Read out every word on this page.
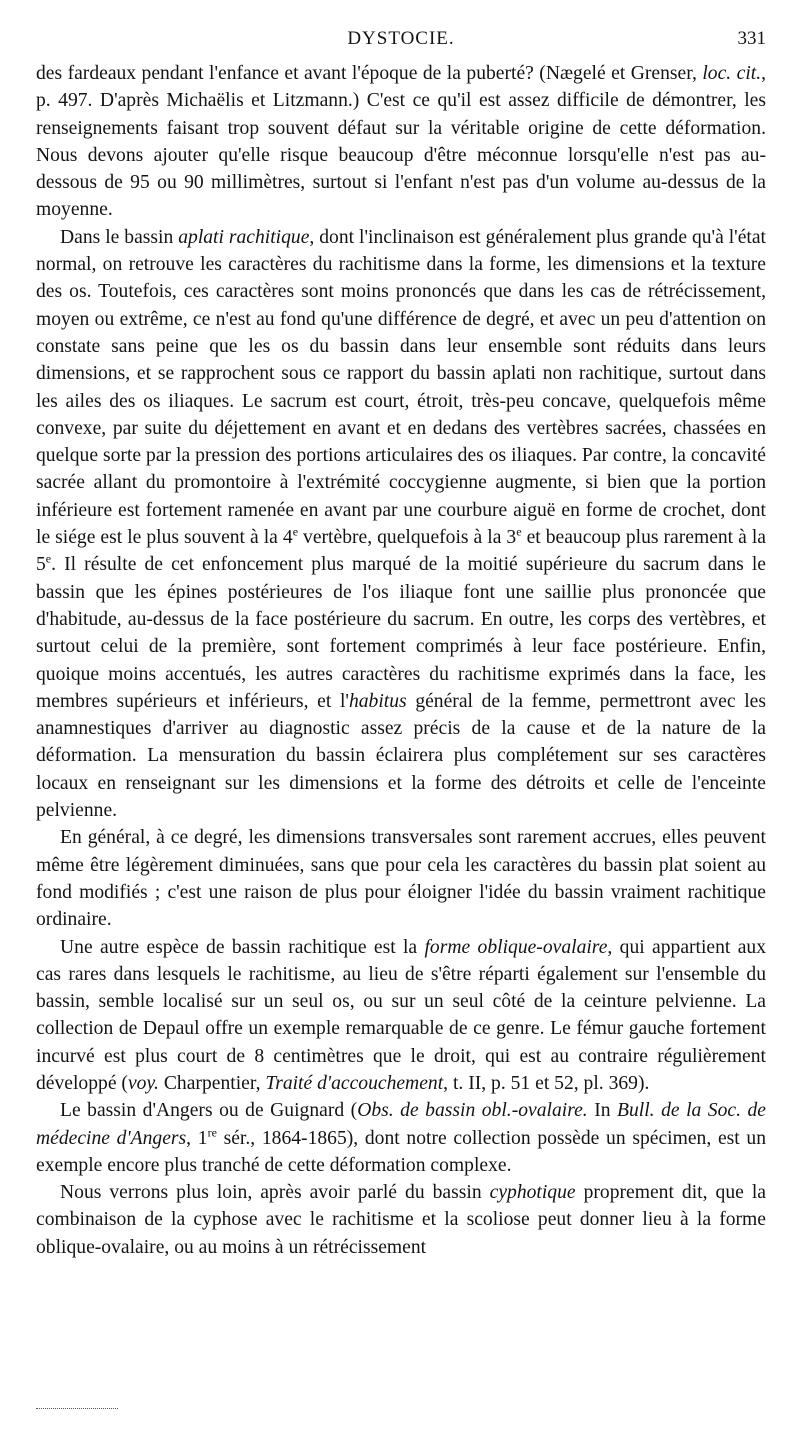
DYSTOCIE.	331

des fardeaux pendant l'enfance et avant l'époque de la puberté? (Nægelé et Grenser, loc. cit., p. 497. D'après Michaëlis et Litzmann.) C'est ce qu'il est assez difficile de démontrer, les renseignements faisant trop souvent défaut sur la véritable origine de cette déformation. Nous devons ajouter qu'elle risque beaucoup d'être méconnue lorsqu'elle n'est pas au-dessous de 95 ou 90 millimètres, surtout si l'enfant n'est pas d'un volume au-dessus de la moyenne.

Dans le bassin aplati rachitique, dont l'inclinaison est généralement plus grande qu'à l'état normal, on retrouve les caractères du rachitisme dans la forme, les dimensions et la texture des os. Toutefois, ces caractères sont moins prononcés que dans les cas de rétrécissement, moyen ou extrême, ce n'est au fond qu'une différence de degré, et avec un peu d'attention on constate sans peine que les os du bassin dans leur ensemble sont réduits dans leurs dimensions, et se rapprochent sous ce rapport du bassin aplati non rachitique, surtout dans les ailes des os iliaques. Le sacrum est court, étroit, très-peu concave, quelquefois même convexe, par suite du déjettement en avant et en dedans des vertèbres sacrées, chassées en quelque sorte par la pression des portions articulaires des os iliaques. Par contre, la concavité sacrée allant du promontoire à l'extrémité coccygienne augmente, si bien que la portion inférieure est fortement ramenée en avant par une courbure aiguë en forme de crochet, dont le siége est le plus souvent à la 4e vertèbre, quelquefois à la 3e et beaucoup plus rarement à la 5e. Il résulte de cet enfoncement plus marqué de la moitié supérieure du sacrum dans le bassin que les épines postérieures de l'os iliaque font une saillie plus prononcée que d'habitude, au-dessus de la face postérieure du sacrum. En outre, les corps des vertèbres, et surtout celui de la première, sont fortement comprimés à leur face postérieure. Enfin, quoique moins accentués, les autres caractères du rachitisme exprimés dans la face, les membres supérieurs et inférieurs, et l'habitus général de la femme, permettront avec les anamnestiques d'arriver au diagnostic assez précis de la cause et de la nature de la déformation. La mensuration du bassin éclairera plus complétement sur ses caractères locaux en renseignant sur les dimensions et la forme des détroits et celle de l'enceinte pelvienne.

En général, à ce degré, les dimensions transversales sont rarement accrues, elles peuvent même être légèrement diminuées, sans que pour cela les caractères du bassin plat soient au fond modifiés ; c'est une raison de plus pour éloigner l'idée du bassin vraiment rachitique ordinaire.

Une autre espèce de bassin rachitique est la forme oblique-ovalaire, qui appartient aux cas rares dans lesquels le rachitisme, au lieu de s'être réparti également sur l'ensemble du bassin, semble localisé sur un seul os, ou sur un seul côté de la ceinture pelvienne. La collection de Depaul offre un exemple remarquable de ce genre. Le fémur gauche fortement incurvé est plus court de 8 centimètres que le droit, qui est au contraire régulièrement développé (voy. Charpentier, Traité d'accouchement, t. II, p. 51 et 52, pl. 369).

Le bassin d'Angers ou de Guignard (Obs. de bassin obl.-ovalaire. In Bull. de la Soc. de médecine d'Angers, 1re sér., 1864-1865), dont notre collection possède un spécimen, est un exemple encore plus tranché de cette déformation complexe.

Nous verrons plus loin, après avoir parlé du bassin cyphotique proprement dit, que la combinaison de la cyphose avec le rachitisme et la scoliose peut donner lieu à la forme oblique-ovalaire, ou au moins à un rétrécissement
